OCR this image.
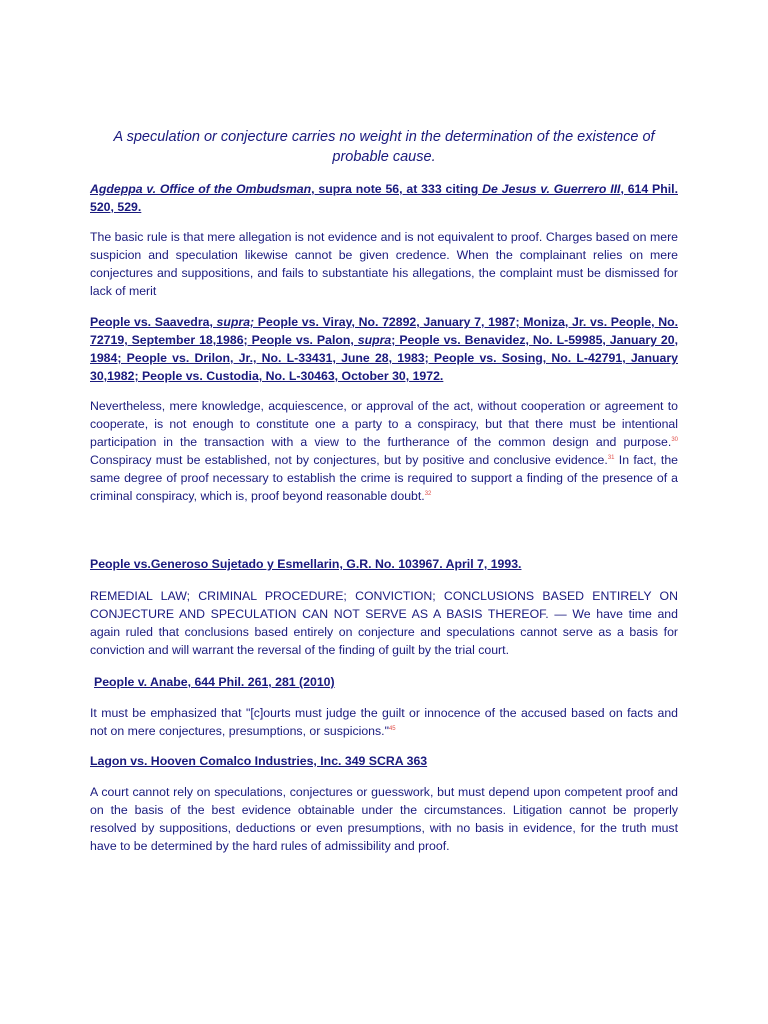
A speculation or conjecture carries no weight in the determination of the existence of probable cause.
Agdeppa v. Office of the Ombudsman, supra note 56, at 333 citing De Jesus v. Guerrero III, 614 Phil. 520, 529.
The basic rule is that mere allegation is not evidence and is not equivalent to proof. Charges based on mere suspicion and speculation likewise cannot be given credence. When the complainant relies on mere conjectures and suppositions, and fails to substantiate his allegations, the complaint must be dismissed for lack of merit
People vs. Saavedra, supra; People vs. Viray, No. 72892, January 7, 1987; Moniza, Jr. vs. People, No. 72719, September 18,1986; People vs. Palon, supra; People vs. Benavidez, No. L-59985, January 20, 1984; People vs. Drilon, Jr., No. L-33431, June 28, 1983; People vs. Sosing, No. L-42791, January 30,1982; People vs. Custodia, No. L-30463, October 30, 1972.
Nevertheless, mere knowledge, acquiescence, or approval of the act, without cooperation or agreement to cooperate, is not enough to constitute one a party to a conspiracy, but that there must be intentional participation in the transaction with a view to the furtherance of the common design and purpose.$^{30}$ Conspiracy must be established, not by conjectures, but by positive and conclusive evidence.$^{31}$ In fact, the same degree of proof necessary to establish the crime is required to support a finding of the presence of a criminal conspiracy, which is, proof beyond reasonable doubt.$^{32}$
People vs.Generoso Sujetado y Esmellarin, G.R. No. 103967. April 7, 1993.
REMEDIAL LAW; CRIMINAL PROCEDURE; CONVICTION; CONCLUSIONS BASED ENTIRELY ON CONJECTURE AND SPECULATION CAN NOT SERVE AS A BASIS THEREOF. — We have time and again ruled that conclusions based entirely on conjecture and speculations cannot serve as a basis for conviction and will warrant the reversal of the finding of guilt by the trial court.
People v. Anabe, 644 Phil. 261, 281 (2010)
It must be emphasized that "[c]ourts must judge the guilt or innocence of the accused based on facts and not on mere conjectures, presumptions, or suspicions."$^{45}$
Lagon vs. Hooven Comalco Industries, Inc. 349 SCRA 363
A court cannot rely on speculations, conjectures or guesswork, but must depend upon competent proof and on the basis of the best evidence obtainable under the circumstances. Litigation cannot be properly resolved by suppositions, deductions or even presumptions, with no basis in evidence, for the truth must have to be determined by the hard rules of admissibility and proof.
